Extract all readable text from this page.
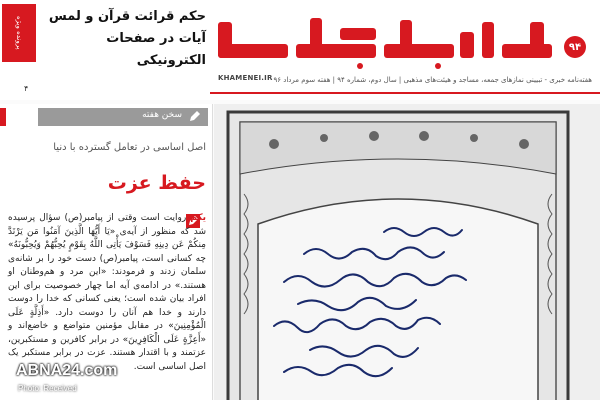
پرونده ویژه	حکم قرائت قرآن و لمس آیات در صفحات الکترونیکی
۴
۹۴
KHAMENEI.IR هفته‌نامه خبری - تبیینی نمازهای جمعه، مساجد و هیئت‌های مذهبی | سال دوم، شماره ۹۴ | هفته سوم مرداد ۹۶
سخن هفته
اصل اساسی در تعامل گسترده با دنیا
حفظ عزت
یکم روایت است وقتی از پیامبر(ص) سؤال پرسیده شد که منظور از آیه‌ی «یَا أَیُّهَا الَّذِینَ آمَنُوا مَن یَرْتَدَّ مِنکُمْ عَن دِینِهِ فَسَوْفَ یَأْتِی اللَّهُ بِقَوْمٍ یُحِبُّهُمْ وَیُحِبُّونَهُ» چه کسانی است، پیامبر(ص) دست خود را بر شانه‌ی سلمان زدند و فرمودند: «این مرد و هم‌وطنان او هستند.» در ادامه‌ی آیه اما چهار خصوصیت برای این افراد بیان شده است؛ یعنی کسانی که خدا را دوست دارند و خدا هم آنان را دوست دارد. «أَذِلَّةٍ عَلَى الْمُؤْمِنِینَ» در مقابل مؤمنین متواضع و خاضع‌اند و «أَعِزَّةٍ عَلَى الْکَافِرِینَ» در برابر کافرین و مستکبرین، عزتمند و با اقتدار هستند. عزت در برابر مستکبر یک اصل اساسی است.
ABNA24.com
Photo: Received
